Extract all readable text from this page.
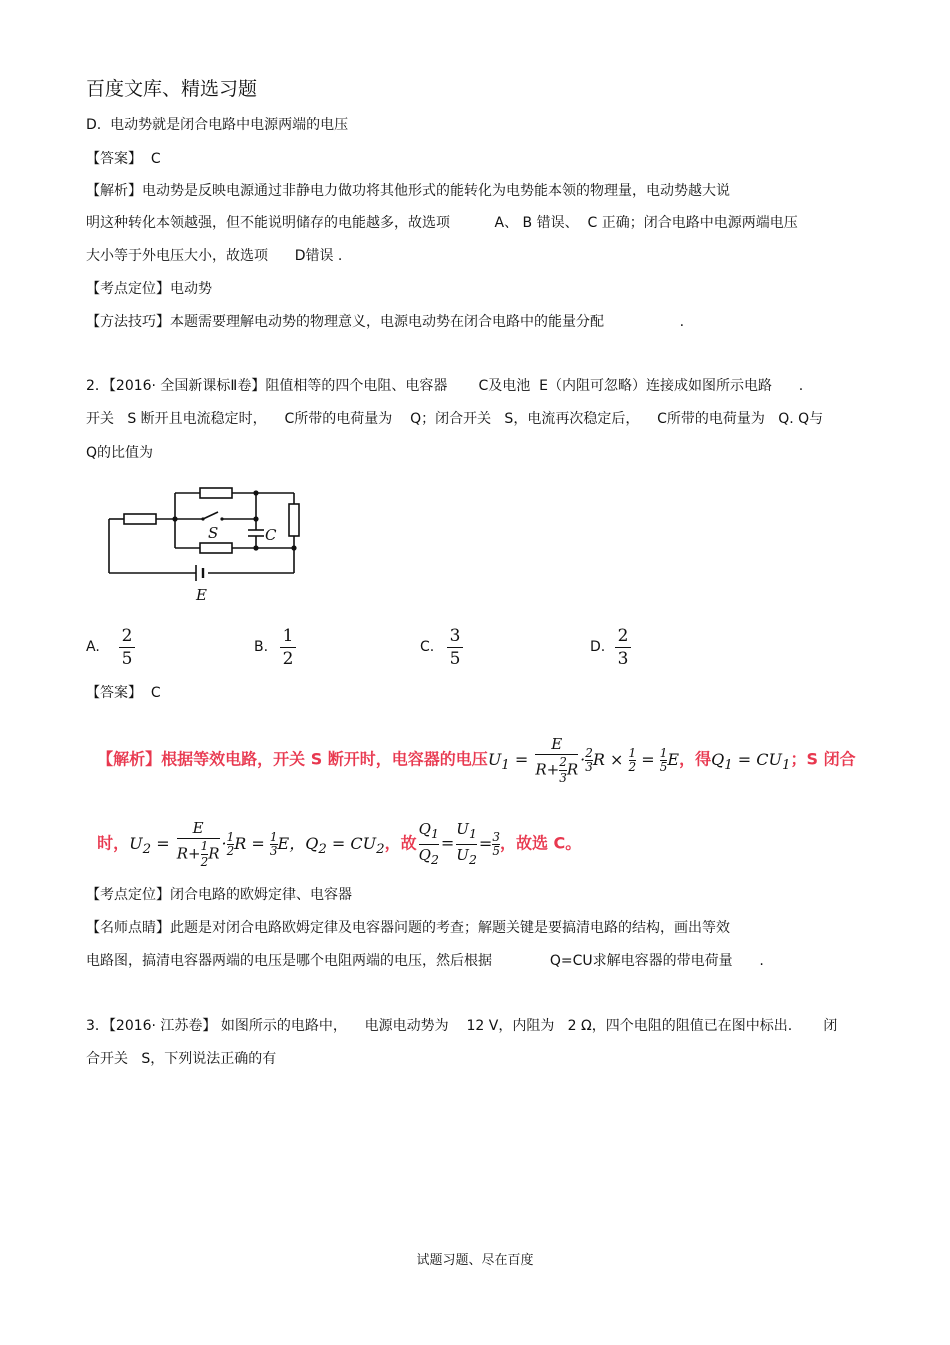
百度文库、精选习题
D.  电动势就是闭合电路中电源两端的电压
【答案】  C
【解析】电动势是反映电源通过非静电力做功将其他形式的能转化为电势能本领的物理量，电动势越大说
明这种转化本领越强，但不能说明储存的电能越多，故选项          A、 B 错误、  C 正确；闭合电路中电源两端电压
大小等于外电压大小，故选项      D错误 .
【考点定位】电动势
【方法技巧】本题需要理解电动势的物理意义，电源电动势在闭合电路中的能量分配                 .
2．【2016· 全国新课标Ⅱ卷】阻值相等的四个电阻、电容器       C及电池  E（内阻可忽略）连接成如图所示电路      .
开关   S 断开且电流稳定时，    C所带的电荷量为    Q；闭合开关   S，电流再次稳定后，    C所带的电荷量为   Q. Q与
Q的比值为
S	C
E
A.
2
5
B.
1
2
C.
3
5
D.
2
3
【答案】  C

【解析】根据等效电路，开关 S 断开时，电容器的电压$U_1 = \frac{E}{R+ \frac{2}{3} R} \cdot \frac{2}{3}$ $R \times \frac{1}{2} = \frac{1}{5}$ E，得$Q_1 = CU_1$；S 闭合

时，$U_2 = \frac{E}{R+ \frac{1}{2} R} \cdot \frac{1}{2}$ $R = \frac{1}{3}$ E，$Q_2 = CU_2$，故 $\frac{Q_1}{Q_2} = \frac{U_1}{U_2} = \frac{3}{5}$ ，故选 C。

【考点定位】闭合电路的欧姆定律、电容器
【名师点睛】此题是对闭合电路欧姆定律及电容器问题的考查；解题关键是要搞清电路的结构，画出等效
电路图，搞清电容器两端的电压是哪个电阻两端的电压，然后根据             Q=CU求解电容器的带电荷量      .
3．【2016· 江苏卷】 如图所示的电路中，    电源电动势为    12 V，内阻为   2 Ω，四个电阻的阻值已在图中标出.       闭
合开关   S，下列说法正确的有
试题习题、尽在百度
